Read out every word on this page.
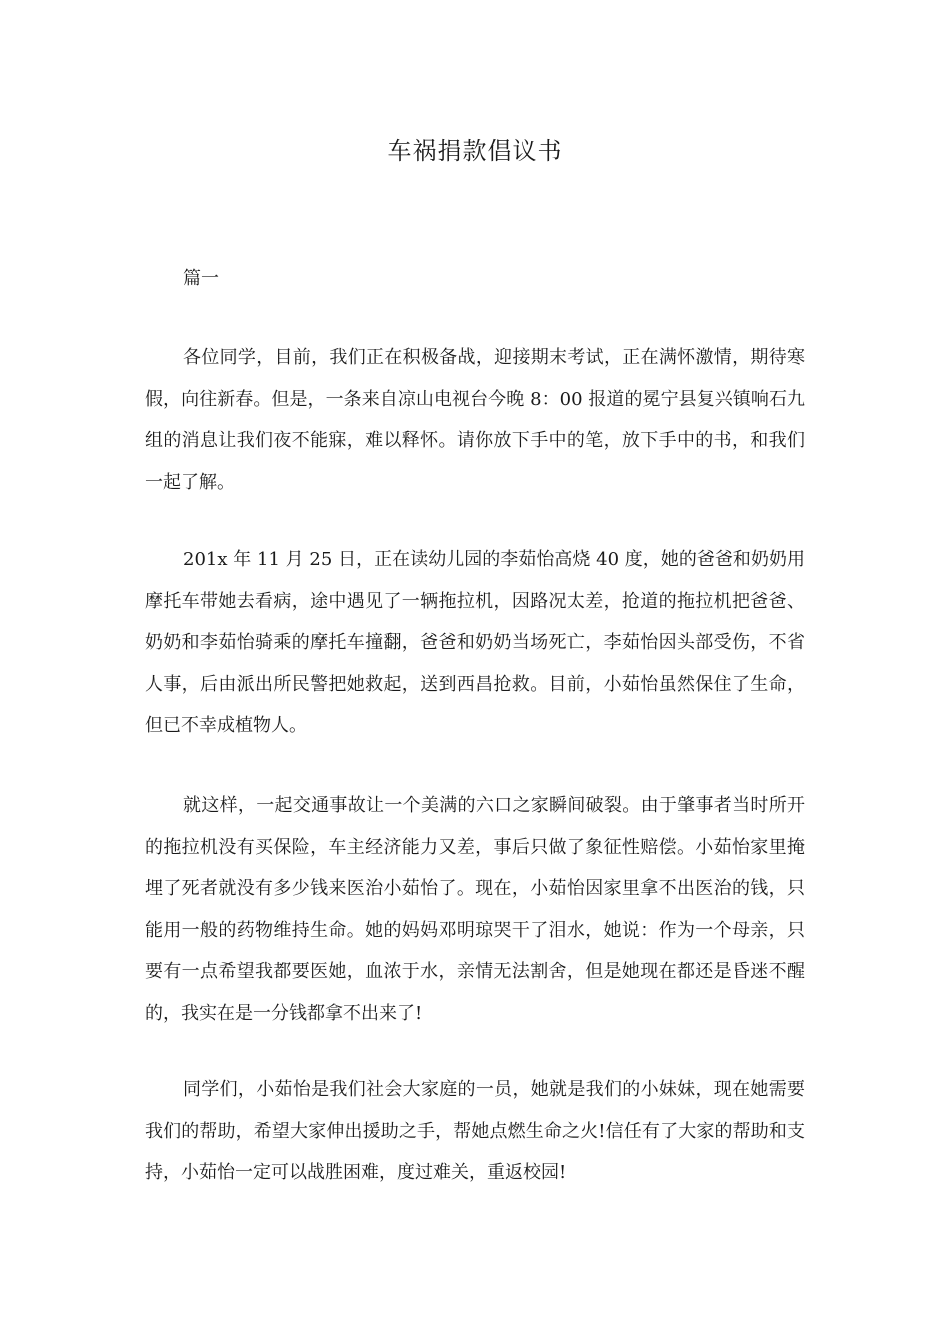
车祸捐款倡议书
篇一

各位同学，目前，我们正在积极备战，迎接期末考试，正在满怀激情，期待寒假，向往新春。但是，一条来自凉山电视台今晚 8：00 报道的冕宁县复兴镇响石九组的消息让我们夜不能寐，难以释怀。请你放下手中的笔，放下手中的书，和我们一起了解。

201x 年 11 月 25 日，正在读幼儿园的李茹怡高烧 40 度，她的爸爸和奶奶用摩托车带她去看病，途中遇见了一辆拖拉机，因路况太差，抢道的拖拉机把爸爸、奶奶和李茹怡骑乘的摩托车撞翻，爸爸和奶奶当场死亡，李茹怡因头部受伤，不省人事，后由派出所民警把她救起，送到西昌抢救。目前，小茹怡虽然保住了生命，但已不幸成植物人。

就这样，一起交通事故让一个美满的六口之家瞬间破裂。由于肇事者当时所开的拖拉机没有买保险，车主经济能力又差，事后只做了象征性赔偿。小茹怡家里掩埋了死者就没有多少钱来医治小茹怡了。现在，小茹怡因家里拿不出医治的钱，只能用一般的药物维持生命。她的妈妈邓明琼哭干了泪水，她说：作为一个母亲，只要有一点希望我都要医她，血浓于水，亲情无法割舍，但是她现在都还是昏迷不醒的，我实在是一分钱都拿不出来了!

同学们，小茹怡是我们社会大家庭的一员，她就是我们的小妹妹，现在她需要我们的帮助，希望大家伸出援助之手，帮她点燃生命之火!信任有了大家的帮助和支持，小茹怡一定可以战胜困难，度过难关，重返校园!
